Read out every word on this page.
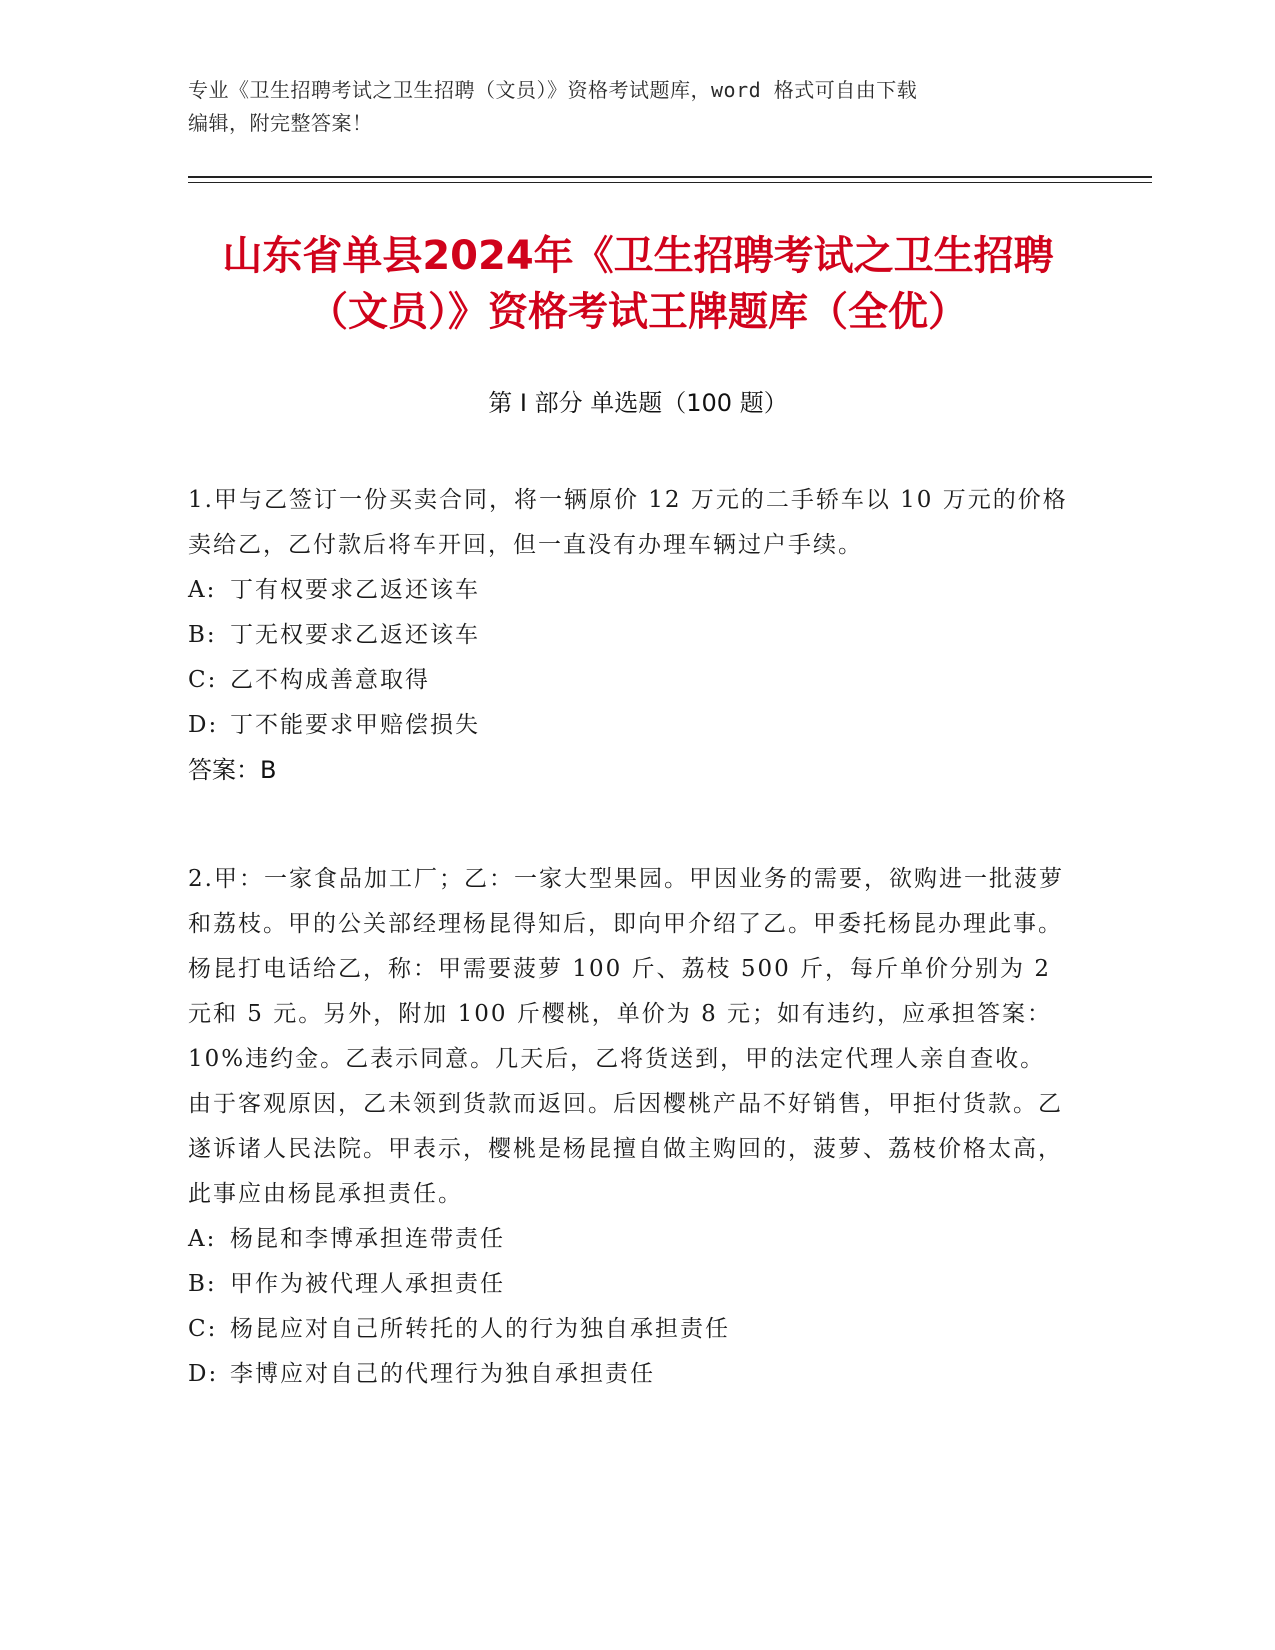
专业《卫生招聘考试之卫生招聘（文员）》资格考试题库，word 格式可自由下载
编辑，附完整答案！
山东省单县2024年《卫生招聘考试之卫生招聘（文员）》资格考试王牌题库（全优）
第 I 部分 单选题（100 题）

1.甲与乙签订一份买卖合同，将一辆原价 12 万元的二手轿车以 10 万元的价格卖给乙，乙付款后将车开回，但一直没有办理车辆过户手续。

A: 丁有权要求乙返还该车

B: 丁无权要求乙返还该车

C: 乙不构成善意取得

D: 丁不能要求甲赔偿损失

答案：B

2.甲：一家食品加工厂；乙：一家大型果园。甲因业务的需要，欲购进一批菠萝和荔枝。甲的公关部经理杨昆得知后，即向甲介绍了乙。甲委托杨昆办理此事。杨昆打电话给乙，称：甲需要菠萝 100 斤、荔枝 500 斤，每斤单价分别为 2 元和 5 元。另外，附加 100 斤樱桃，单价为 8 元；如有违约，应承担答案：10%违约金。乙表示同意。几天后，乙将货送到，甲的法定代理人亲自查收。由于客观原因，乙未领到货款而返回。后因樱桃产品不好销售，甲拒付货款。乙遂诉诸人民法院。甲表示，樱桃是杨昆擅自做主购回的，菠萝、荔枝价格太高，此事应由杨昆承担责任。

A: 杨昆和李博承担连带责任

B: 甲作为被代理人承担责任

C: 杨昆应对自己所转托的人的行为独自承担责任

D: 李博应对自己的代理行为独自承担责任
